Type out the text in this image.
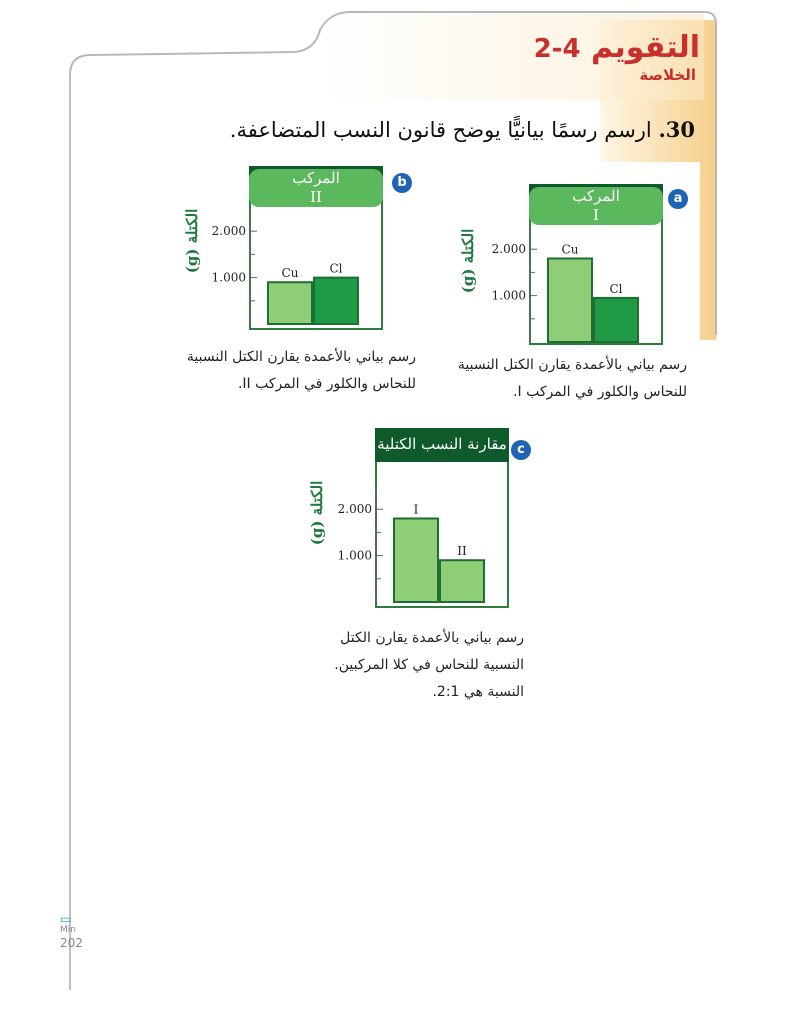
التقويم 4-2
الخلاصة
30. ارسم رسمًا بيانيًّا يوضح قانون النسب المتضاعفة.
المركب I
a
الكتلة (g) 2.000
1.000
Cu
Cl
رسم بياني بالأعمدة يقارن الكتل النسبية
للنحاس والكلور في المركب I.
المركب II
b
الكتلة (g) 2.000
1.000	Cu	Cl
رسم بياني بالأعمدة يقارن الكتل النسبية
للنحاس والكلور في المركب II.
مقارنة النسب الكتلية c
الكتلة (g) 2.000
1.000
I
II
رسم بياني بالأعمدة يقارن الكتل
النسبية للنحاس في كلا المركبين.
النسبة هي 2:1.
▭
Min
202
